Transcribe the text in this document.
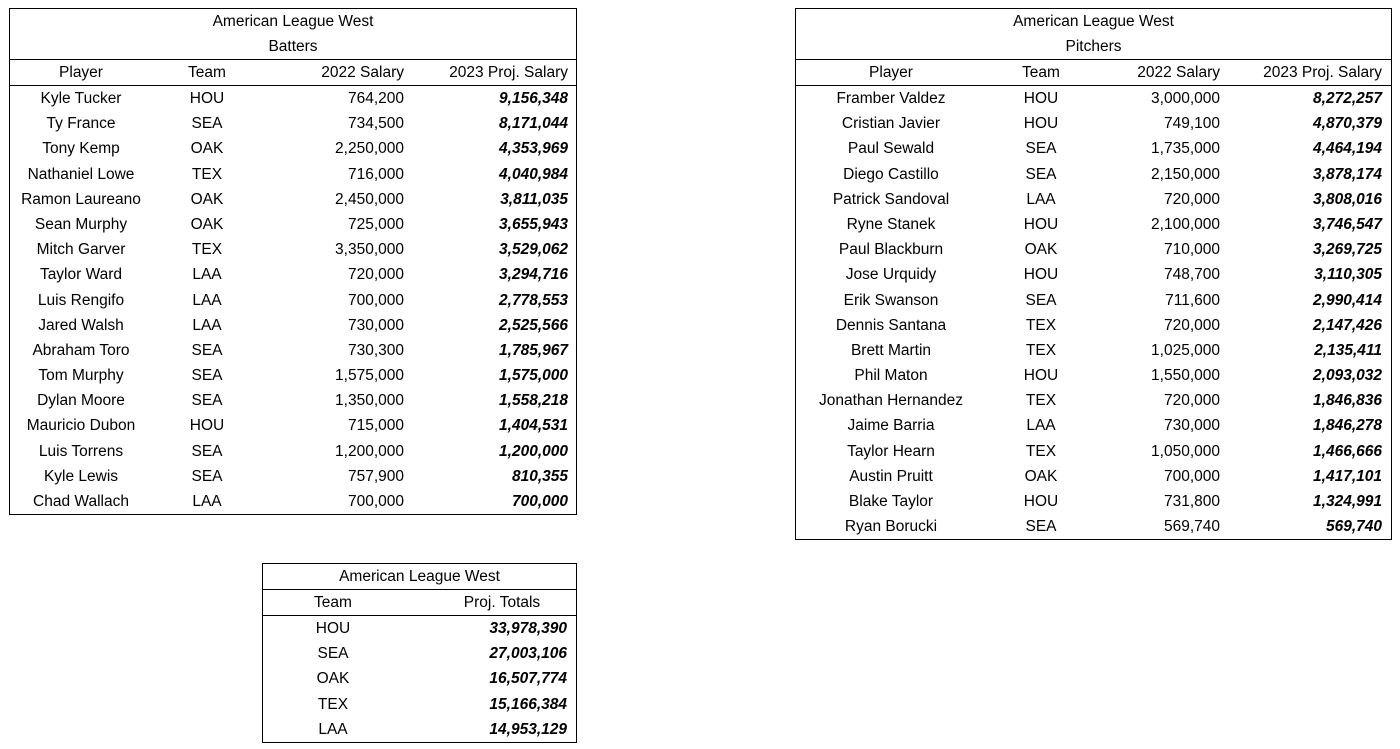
American League West
Batters
Player	Team	2022 Salary	2023 Proj. Salary
Kyle Tucker	HOU	764,200	9,156,348
Ty France	SEA	734,500	8,171,044
Tony Kemp	OAK	2,250,000	4,353,969
Nathaniel Lowe	TEX	716,000	4,040,984
Ramon Laureano	OAK	2,450,000	3,811,035
Sean Murphy	OAK	725,000	3,655,943
Mitch Garver	TEX	3,350,000	3,529,062
Taylor Ward	LAA	720,000	3,294,716
Luis Rengifo	LAA	700,000	2,778,553
Jared Walsh	LAA	730,000	2,525,566
Abraham Toro	SEA	730,300	1,785,967
Tom Murphy	SEA	1,575,000	1,575,000
Dylan Moore	SEA	1,350,000	1,558,218
Mauricio Dubon	HOU	715,000	1,404,531
Luis Torrens	SEA	1,200,000	1,200,000
Kyle Lewis	SEA	757,900	810,355
Chad Wallach	LAA	700,000	700,000
American League West
Pitchers
Player	Team	2022 Salary	2023 Proj. Salary
Framber Valdez	HOU	3,000,000	8,272,257
Cristian Javier	HOU	749,100	4,870,379
Paul Sewald	SEA	1,735,000	4,464,194
Diego Castillo	SEA	2,150,000	3,878,174
Patrick Sandoval	LAA	720,000	3,808,016
Ryne Stanek	HOU	2,100,000	3,746,547
Paul Blackburn	OAK	710,000	3,269,725
Jose Urquidy	HOU	748,700	3,110,305
Erik Swanson	SEA	711,600	2,990,414
Dennis Santana	TEX	720,000	2,147,426
Brett Martin	TEX	1,025,000	2,135,411
Phil Maton	HOU	1,550,000	2,093,032
Jonathan Hernandez	TEX	720,000	1,846,836
Jaime Barria	LAA	730,000	1,846,278
Taylor Hearn	TEX	1,050,000	1,466,666
Austin Pruitt	OAK	700,000	1,417,101
Blake Taylor	HOU	731,800	1,324,991
Ryan Borucki	SEA	569,740	569,740
American League West
Team	Proj. Totals
HOU	33,978,390
SEA	27,003,106
OAK	16,507,774
TEX	15,166,384
LAA	14,953,129
